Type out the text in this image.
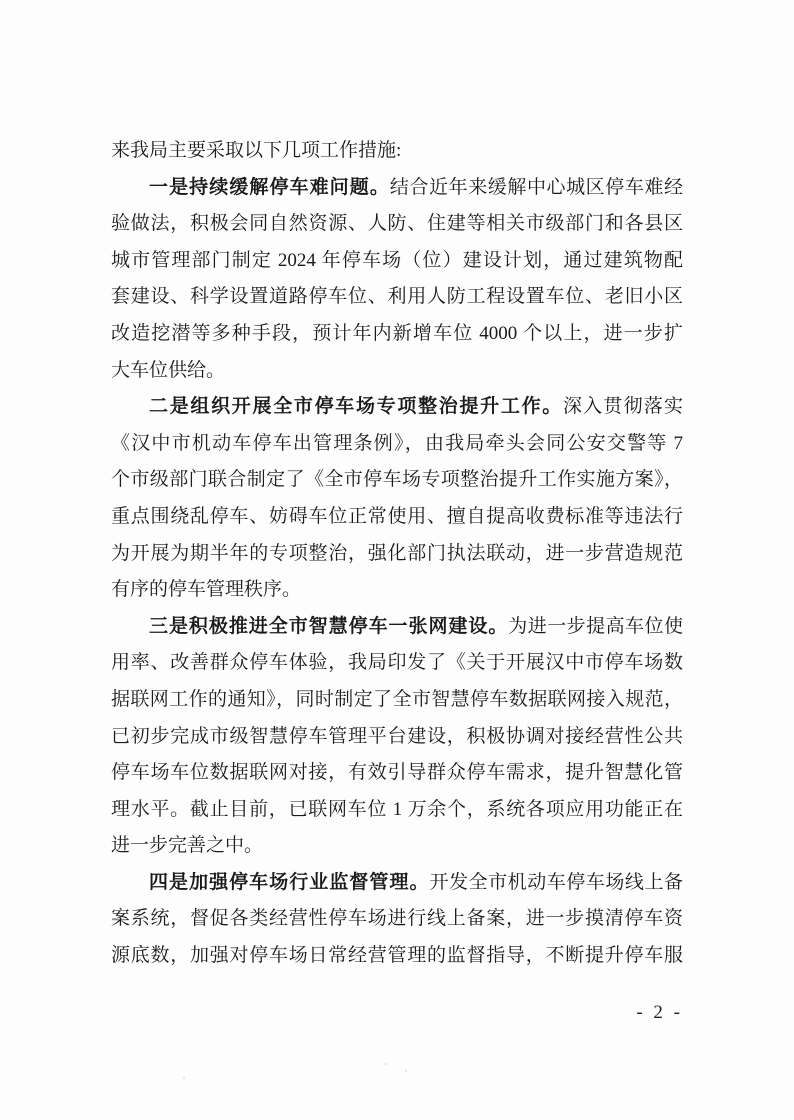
来我局主要采取以下几项工作措施:
一是持续缓解停车难问题。结合近年来缓解中心城区停车难经
验做法，积极会同自然资源、人防、住建等相关市级部门和各县区
城市管理部门制定 2024 年停车场（位）建设计划，通过建筑物配
套建设、科学设置道路停车位、利用人防工程设置车位、老旧小区
改造挖潜等多种手段，预计年内新增车位 4000 个以上，进一步扩
大车位供给。
二是组织开展全市停车场专项整治提升工作。深入贯彻落实
《汉中市机动车停车出管理条例》，由我局牵头会同公安交警等 7
个市级部门联合制定了《全市停车场专项整治提升工作实施方案》，
重点围绕乱停车、妨碍车位正常使用、擅自提高收费标准等违法行
为开展为期半年的专项整治，强化部门执法联动，进一步营造规范
有序的停车管理秩序。
三是积极推进全市智慧停车一张网建设。为进一步提高车位使
用率、改善群众停车体验，我局印发了《关于开展汉中市停车场数
据联网工作的通知》，同时制定了全市智慧停车数据联网接入规范，
已初步完成市级智慧停车管理平台建设，积极协调对接经营性公共
停车场车位数据联网对接，有效引导群众停车需求，提升智慧化管
理水平。截止目前，已联网车位 1 万余个，系统各项应用功能正在
进一步完善之中。
四是加强停车场行业监督管理。开发全市机动车停车场线上备
案系统，督促各类经营性停车场进行线上备案，进一步摸清停车资
源底数，加强对停车场日常经营管理的监督指导，不断提升停车服
- 2 -
